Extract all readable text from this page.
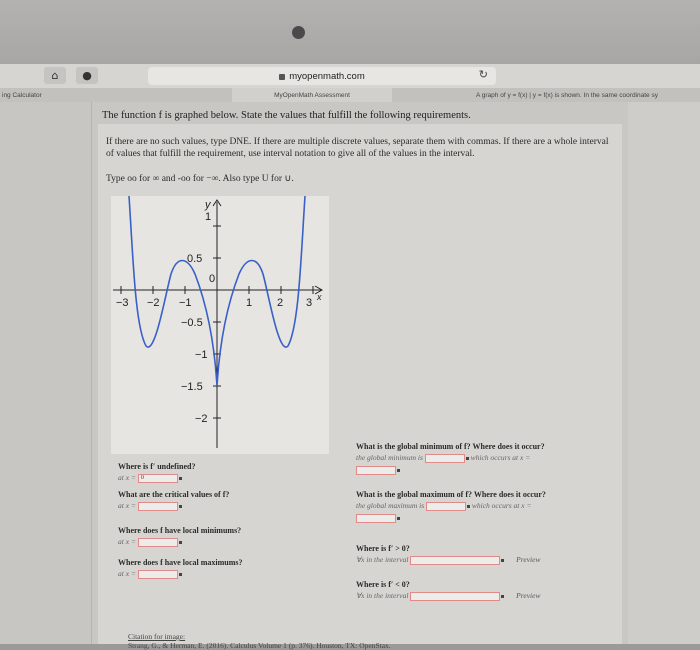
⌂	●	myopenmath.com	↻
ing Calculator	MyOpenMath Assessment	A graph of y = f(x) | y = f(x) is shown. In the same coordinate sy
The function f is graphed below. State the values that fulfill the following requirements.
If there are no such values, type DNE. If there are multiple discrete values, separate them with commas. If there are a whole interval of values that fulfill the requirement, use interval notation to give all of the values in the interval.
Type oo for ∞ and -oo for −∞. Also type U for ∪.
−3 −2 −1
0
1 2 3 x
y
1
0.5
−0.5
−1
−1.5
−2
Where is f′ undefined?
at x = 0
What are the critical values of f?
at x =
Where does f have local minimums?
at x =
Where does f have local maximums?
at x =
What is the global minimum of f? Where does it occur?
the global minimum is	which occurs at x =
What is the global maximum of f? Where does it occur?
the global maximum is	which occurs at x =
Where is f′ > 0?
∀x in the interval	Preview
Where is f′ < 0?
∀x in the interval	Preview
Citation for image:
Strang, G., & Herman, E. (2016). Calculus Volume 1 (p. 376). Houston, TX: OpenStax.
